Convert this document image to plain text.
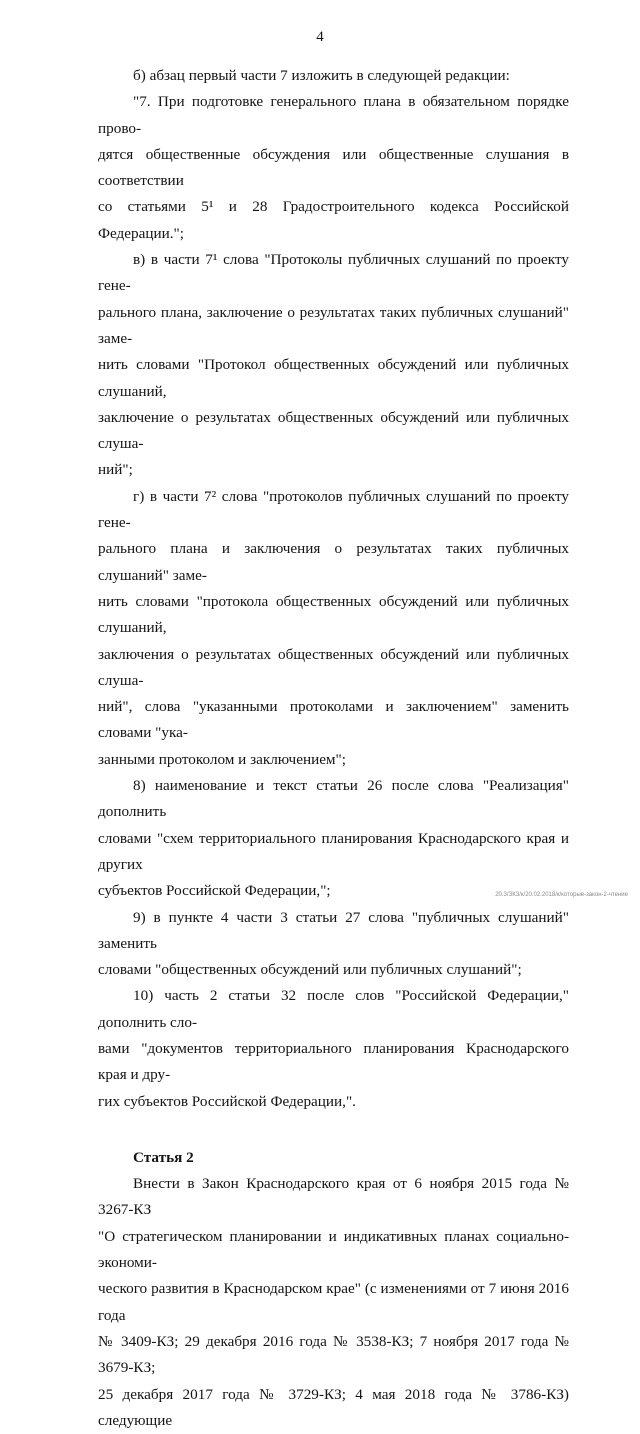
4

б) абзац первый части 7 изложить в следующей редакции:

"7. При подготовке генерального плана в обязательном порядке прово-
дятся общественные обсуждения или общественные слушания в соответствии
со статьями 5¹ и 28 Градостроительного кодекса Российской Федерации.";

в) в части 7¹ слова "Протоколы публичных слушаний по проекту гене-
рального плана, заключение о результатах таких публичных слушаний" заме-
нить словами "Протокол общественных обсуждений или публичных слушаний,
заключение о результатах общественных обсуждений или публичных слуша-
ний";

г) в части 7² слова "протоколов публичных слушаний по проекту гене-
рального плана и заключения о результатах таких публичных слушаний" заме-
нить словами "протокола общественных обсуждений или публичных слушаний,
заключения о результатах общественных обсуждений или публичных слуша-
ний", слова "указанными протоколами и заключением" заменить словами "ука-
занными протоколом и заключением";

8) наименование и текст статьи 26 после слова "Реализация" дополнить
словами "схем территориального планирования Краснодарского края и других
субъектов Российской Федерации,";

9) в пункте 4 части 3 статьи 27 слова "публичных слушаний" заменить
словами "общественных обсуждений или публичных слушаний";

10) часть 2 статьи 32 после слов "Российской Федерации," дополнить сло-
вами "документов территориального планирования Краснодарского края и дру-
гих субъектов Российской Федерации,".

Статья 2

Внести в Закон Краснодарского края от 6 ноября 2015 года № 3267-КЗ
"О стратегическом планировании и индикативных планах социально-экономи-
ческого развития в Краснодарском крае" (с изменениями от 7 июня 2016 года
№ 3409-КЗ; 29 декабря 2016 года № 3538-КЗ; 7 ноября 2017 года № 3679-КЗ;
25 декабря 2017 года № 3729-КЗ; 4 мая 2018 года № 3786-КЗ) следующие

20.3/ЗКЗ/к/20.02.2018/к/которые-закон-2-чтение
